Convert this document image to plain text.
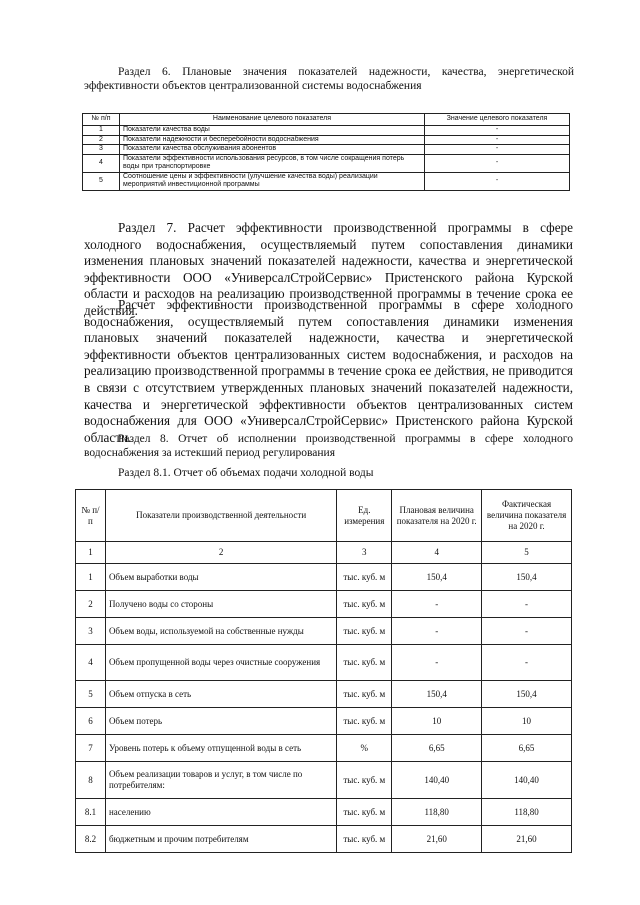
Раздел 6. Плановые значения показателей надежности, качества, энергетической эффективности объектов централизованной системы водоснабжения

№ п/п	Наименование целевого показателя	Значение целевого показателя
1	Показатели качества воды	-
2	Показатели надежности и бесперебойности водоснабжения	-
3	Показатели качества обслуживания абонентов	-
4	Показатели эффективности использования ресурсов, в том числе сокращения потерь воды при транспортировке	-
5	Соотношение цены и эффективности (улучшение качества воды) реализации мероприятий инвестиционной программы	-

Раздел 7. Расчет эффективности производственной программы в сфере холодного водоснабжения, осуществляемый путем сопоставления динамики изменения плановых значений показателей надежности, качества и энергетической эффективности ООО «УниверсалСтройСервис» Пристенского района Курской области и расходов на реализацию производственной программы в течение срока ее действия.

Расчет эффективности производственной программы в сфере холодного водоснабжения, осуществляемый путем сопоставления динамики изменения плановых значений показателей надежности, качества и энергетической эффективности объектов централизованных систем водоснабжения, и расходов на реализацию производственной программы в течение срока ее действия, не приводится в связи с отсутствием утвержденных плановых значений показателей надежности, качества и энергетической эффективности объектов централизованных систем водоснабжения для ООО «УниверсалСтройСервис» Пристенского района Курской области.

Раздел 8. Отчет об исполнении производственной программы в сфере холодного водоснабжения за истекший период регулирования

Раздел 8.1. Отчет об объемах подачи холодной воды

№ п/п	Показатели производственной деятельности	Ед. измерения	Плановая величина показателя на 2020 г.	Фактическая величина показателя на 2020 г.
1	2	3	4	5
1	Объем выработки воды	тыс. куб. м	150,4	150,4
2	Получено воды со стороны	тыс. куб. м	-	-
3	Объем воды, используемой на собственные нужды	тыс. куб. м	-	-
4	Объем пропущенной воды через очистные сооружения	тыс. куб. м	-	-
5	Объем отпуска в сеть	тыс. куб. м	150,4	150,4
6	Объем потерь	тыс. куб. м	10	10
7	Уровень потерь к объему отпущенной воды в сеть	%	6,65	6,65
8	Объем реализации товаров и услуг, в том числе по потребителям:	тыс. куб. м	140,40	140,40
8.1	населению	тыс. куб. м	118,80	118,80
8.2	бюджетным и прочим потребителям	тыс. куб. м	21,60	21,60
